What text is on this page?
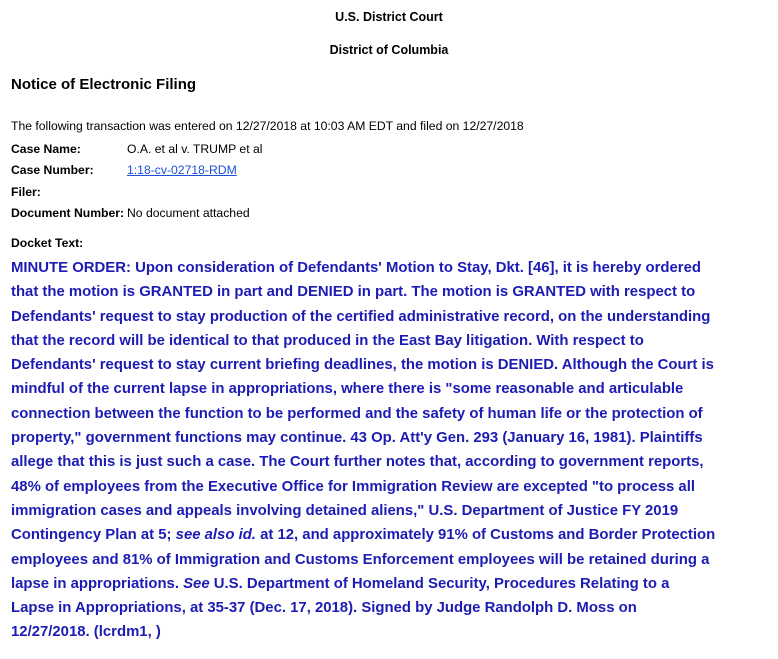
U.S. District Court
District of Columbia
Notice of Electronic Filing
The following transaction was entered on 12/27/2018 at 10:03 AM EDT and filed on 12/27/2018
Case Name:	O.A. et al v. TRUMP et al
Case Number:	1:18-cv-02718-RDM
Filer:	
Document Number:	No document attached
Docket Text:
MINUTE ORDER: Upon consideration of Defendants' Motion to Stay, Dkt. [46], it is hereby ordered
that the motion is GRANTED in part and DENIED in part. The motion is GRANTED with respect to
Defendants' request to stay production of the certified administrative record, on the understanding
that the record will be identical to that produced in the East Bay litigation. With respect to
Defendants' request to stay current briefing deadlines, the motion is DENIED. Although the Court is
mindful of the current lapse in appropriations, where there is "some reasonable and articulable
connection between the function to be performed and the safety of human life or the protection of
property," government functions may continue. 43 Op. Att'y Gen. 293 (January 16, 1981). Plaintiffs
allege that this is just such a case. The Court further notes that, according to government reports,
48% of employees from the Executive Office for Immigration Review are excepted "to process all
immigration cases and appeals involving detained aliens," U.S. Department of Justice FY 2019
Contingency Plan at 5; see also id. at 12, and approximately 91% of Customs and Border Protection
employees and 81% of Immigration and Customs Enforcement employees will be retained during a
lapse in appropriations. See U.S. Department of Homeland Security, Procedures Relating to a
Lapse in Appropriations, at 35-37 (Dec. 17, 2018). Signed by Judge Randolph D. Moss on
12/27/2018. (lcrdm1, )
